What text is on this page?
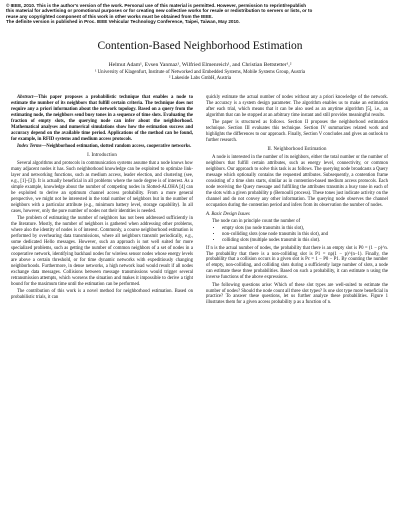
© IEEE, 2010. This is the author's version of the work. Personal use of this material is permitted. However, permission to reprint/republish
this material for advertising or promotional purposes or for creating new collective works for resale or redistribution to servers or lists, or to
reuse any copyrighted component of this work in other works must be obtained from the IEEE.
The definite version is published in Proc. IEEE Vehicular Technology Conference, Taipei, Taiwan, May 2010.
Contention-Based Neighborhood Estimation
Helmut Adam¹, Evsen Yanmaz¹, Wilfried Elmenreich¹, and Christian Bettstetter¹,²
¹ University of Klagenfurt, Institute of Networked and Embedded Systems, Mobile Systems Group, Austria
² Lakeside Labs GmbH, Austria

Abstract—This paper proposes a probabilistic technique that enables a node to estimate the number of its neighbors that fulfill certain criteria. The technique does not require any a priori information about the network topology. Based on a query from the estimating node, the neighbors send busy tones in a sequence of time slots. Evaluating the fraction of empty slots, the querying node can infer about the neighborhood. Mathematical analyses and numerical simulations show how the estimation success and accuracy depend on the available time period. Applications of the method can be found, for example, in RFID systems and medium access protocols.

Index Terms—Neighborhood estimation, slotted random access, cooperative networks.

I. Introduction

Several algorithms and protocols in communication systems assume that a node knows how many adjacent nodes it has. Such neighborhood knowledge can be exploited to optimize link-layer and networking functions, such as medium access, leader election, and clustering (see, e.g., [1]–[3]). It is actually beneficial in all problems where the node degree is of interest. As a simple example, knowledge about the number of competing nodes in Slotted-ALOHA [4] can be exploited to derive an optimum channel access probability. From a more general perspective, we might not be interested in the total number of neighbors but in the number of neighbors with a particular attribute (e.g., minimum battery level, storage capability). In all cases, however, only the pure number of nodes not their identities is needed.

The problem of estimating the number of neighbors has not been addressed sufficiently in the literature. Mostly, the number of neighbors is gathered when addressing other problems, where also the identity of nodes is of interest. Commonly, a course neighborhood estimation is performed by overhearing data transmissions, where all neighbors transmit periodically, e.g., some dedicated Hello messages. However, such an approach is not well suited for more specialized problems, such as getting the number of common neighbors of a set of nodes in a cooperative network, identifying backhaul nodes for wireless sensor nodes whose energy levels are above a certain threshold, or for time dynamic networks with expeditiously changing neighborhoods. Furthermore, in dense networks, a high network load would result if all nodes exchange data messages. Collisions between message transmissions would trigger several retransmission attempts, which worsens the situation and makes it impossible to derive a tight bound for the maximum time until the estimation can be performed.

The contribution of this work is a novel method for neighborhood estimation. Based on probabilistic trials, it can

quickly estimate the actual number of nodes without any a priori knowledge of the network. The accuracy is a system design parameter. The algorithm enables us to make an estimation after each trial, which means that it can be also used as an anytime algorithm [5], i.e., an algorithm that can be stopped at an arbitrary time instant and still provides meaningful results.

The paper is structured as follows. Section II proposes the neighborhood estimation technique. Section III evaluates this technique. Section IV summarizes related work and highlights the differences to our approach. Finally, Section V concludes and gives an outlook to further research.

II. Neighborhood Estimation

A node is interested in the number of its neighbors, either the total number or the number of neighbors that fulfill certain attributes, such as energy level, connectivity, or common neighbors. Our approach to solve this task is as follows. The querying node broadcasts a Query message which optionally contains the requested attributes. Subsequently, a contention frame consisting of z time slots starts, similar as in contention-based medium access protocols. Each node receiving the Query message and fulfilling the attributes transmits a busy tone in each of the slots with a given probability p (Bernoulli process). These tones just indicate activity on the channel and do not convey any other information. The querying node observes the channel occupation during the contention period and infers from its observation the number of nodes.

A. Basic Design Issues

The node can in principle count the number of

• empty slots (no node transmits in this slot),
• non-colliding slots (one node transmits in this slot), and
• colliding slots (multiple nodes transmit in this slot).

If n is the actual number of nodes, the probability that there is an empty slot is P0 = (1 − p)^n. The probability that there is a non-colliding slot is P1 = np(1 − p)^(n−1). Finally, the probability that a collision occurs in a given slot is Pc = 1 − P0 − P1. By counting the number of empty, non-colliding, and colliding slots during a sufficiently large number of slots, a node can estimate these three probabilities. Based on such a probability, it can estimate n using the inverse functions of the above expressions.

The following questions arise: Which of these slot types are well-suited to estimate the number of nodes? Should the node count all three slot types? Is one slot type more beneficial in practice? To answer these questions, let us further analyze these probabilities. Figure 1 illustrates them for a given access probability p as a function of n.
